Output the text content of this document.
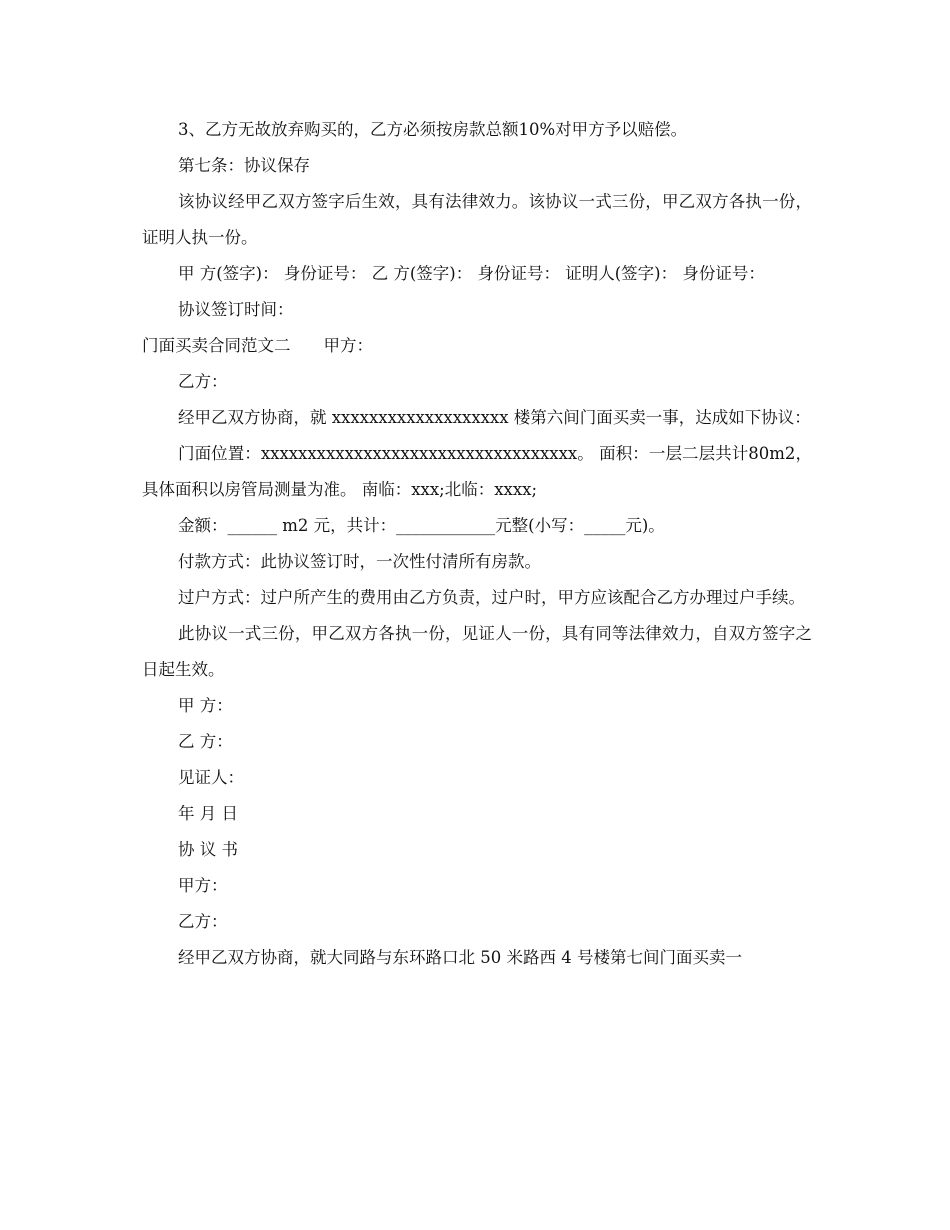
3、乙方无故放弃购买的，乙方必须按房款总额10%对甲方予以赔偿。

第七条：协议保存

该协议经甲乙双方签字后生效，具有法律效力。该协议一式三份，甲乙双方各执一份，证明人执一份。

甲 方(签字)： 身份证号： 乙 方(签字)： 身份证号： 证明人(签字)： 身份证号：

协议签订时间：

门面买卖合同范文二　　甲方：

乙方：

经甲乙双方协商，就 xxxxxxxxxxxxxxxxxxx 楼第六间门面买卖一事，达成如下协议：

门面位置：xxxxxxxxxxxxxxxxxxxxxxxxxxxxxxxxxx。 面积：一层二层共计80m2，具体面积以房管局测量为准。 南临：xxx;北临：xxxx;

金额：______ m2 元，共计：____________元整(小写：_____元)。

付款方式：此协议签订时，一次性付清所有房款。

过户方式：过户所产生的费用由乙方负责，过户时，甲方应该配合乙方办理过户手续。

此协议一式三份，甲乙双方各执一份，见证人一份，具有同等法律效力，自双方签字之日起生效。

甲 方：

乙 方：

见证人：

年 月 日

协 议 书

甲方：

乙方：

经甲乙双方协商，就大同路与东环路口北 50 米路西 4 号楼第七间门面买卖一
